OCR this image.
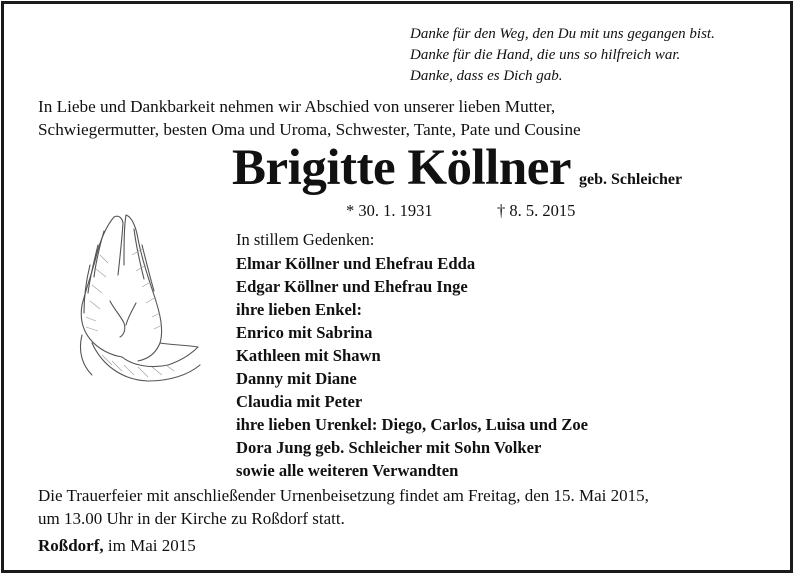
Danke für den Weg, den Du mit uns gegangen bist.
Danke für die Hand, die uns so hilfreich war.
Danke, dass es Dich gab.
In Liebe und Dankbarkeit nehmen wir Abschied von unserer lieben Mutter,
Schwiegermutter, besten Oma und Uroma, Schwester, Tante, Pate und Cousine
Brigitte Köllner geb. Schleicher
* 30. 1. 1931	† 8. 5. 2015
In stillem Gedenken:
Elmar Köllner und Ehefrau Edda
Edgar Köllner und Ehefrau Inge
ihre lieben Enkel:
Enrico mit Sabrina
Kathleen mit Shawn
Danny mit Diane
Claudia mit Peter
ihre lieben Urenkel: Diego, Carlos, Luisa und Zoe
Dora Jung geb. Schleicher mit Sohn Volker
sowie alle weiteren Verwandten
Die Trauerfeier mit anschließender Urnenbeisetzung findet am Freitag, den 15. Mai 2015,
um 13.00 Uhr in der Kirche zu Roßdorf statt.
Roßdorf, im Mai 2015
